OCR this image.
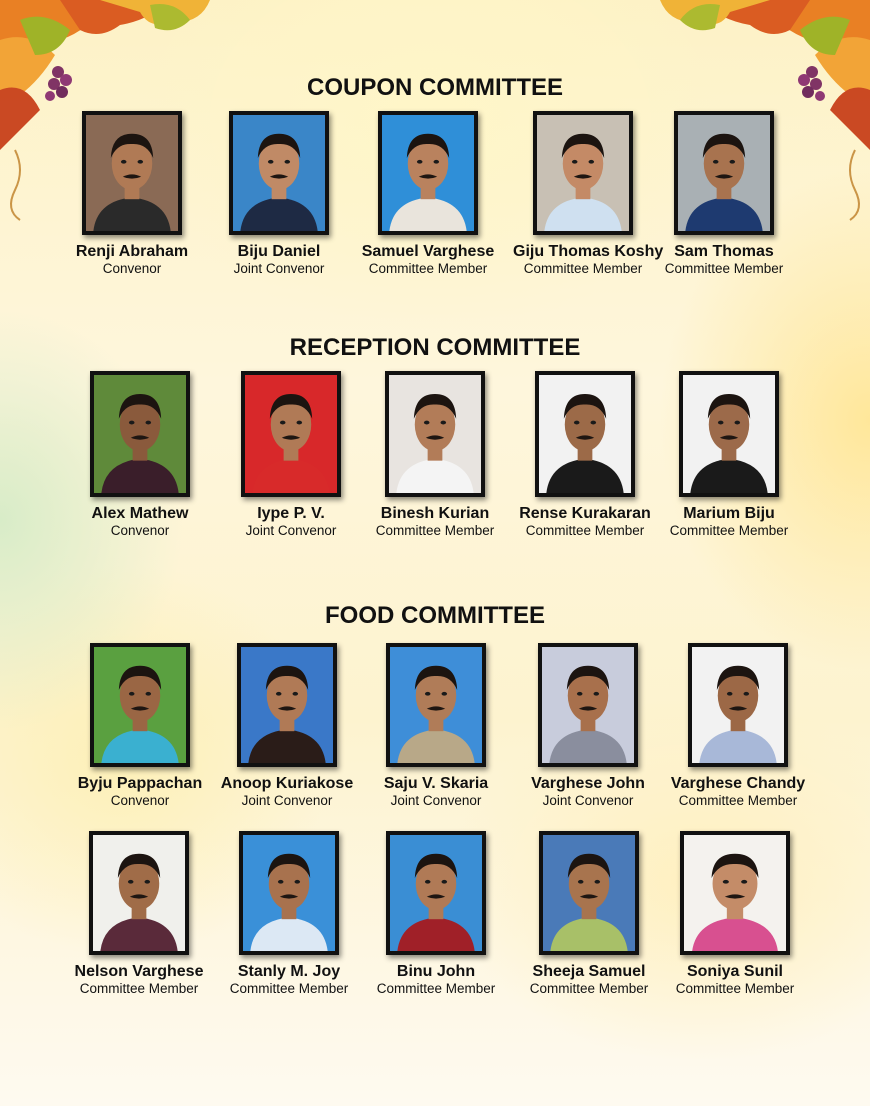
COUPON COMMITTEE
RECEPTION COMMITTEE
FOOD COMMITTEE
Renji Abraham
Convenor
Biju Daniel
Joint Convenor
Samuel Varghese
Committee Member
Giju Thomas Koshy
Committee Member
Sam Thomas
Committee Member
Alex Mathew
Convenor
Iype P. V.
Joint Convenor
Binesh Kurian
Committee Member
Rense Kurakaran
Committee Member
Marium Biju
Committee Member
Byju Pappachan
Convenor
Anoop Kuriakose
Joint Convenor
Saju V. Skaria
Joint Convenor
Varghese John
Joint Convenor
Varghese Chandy
Committee Member
Nelson Varghese
Committee Member
Stanly M. Joy
Committee Member
Binu John
Committee Member
Sheeja Samuel
Committee Member
Soniya Sunil
Committee Member
